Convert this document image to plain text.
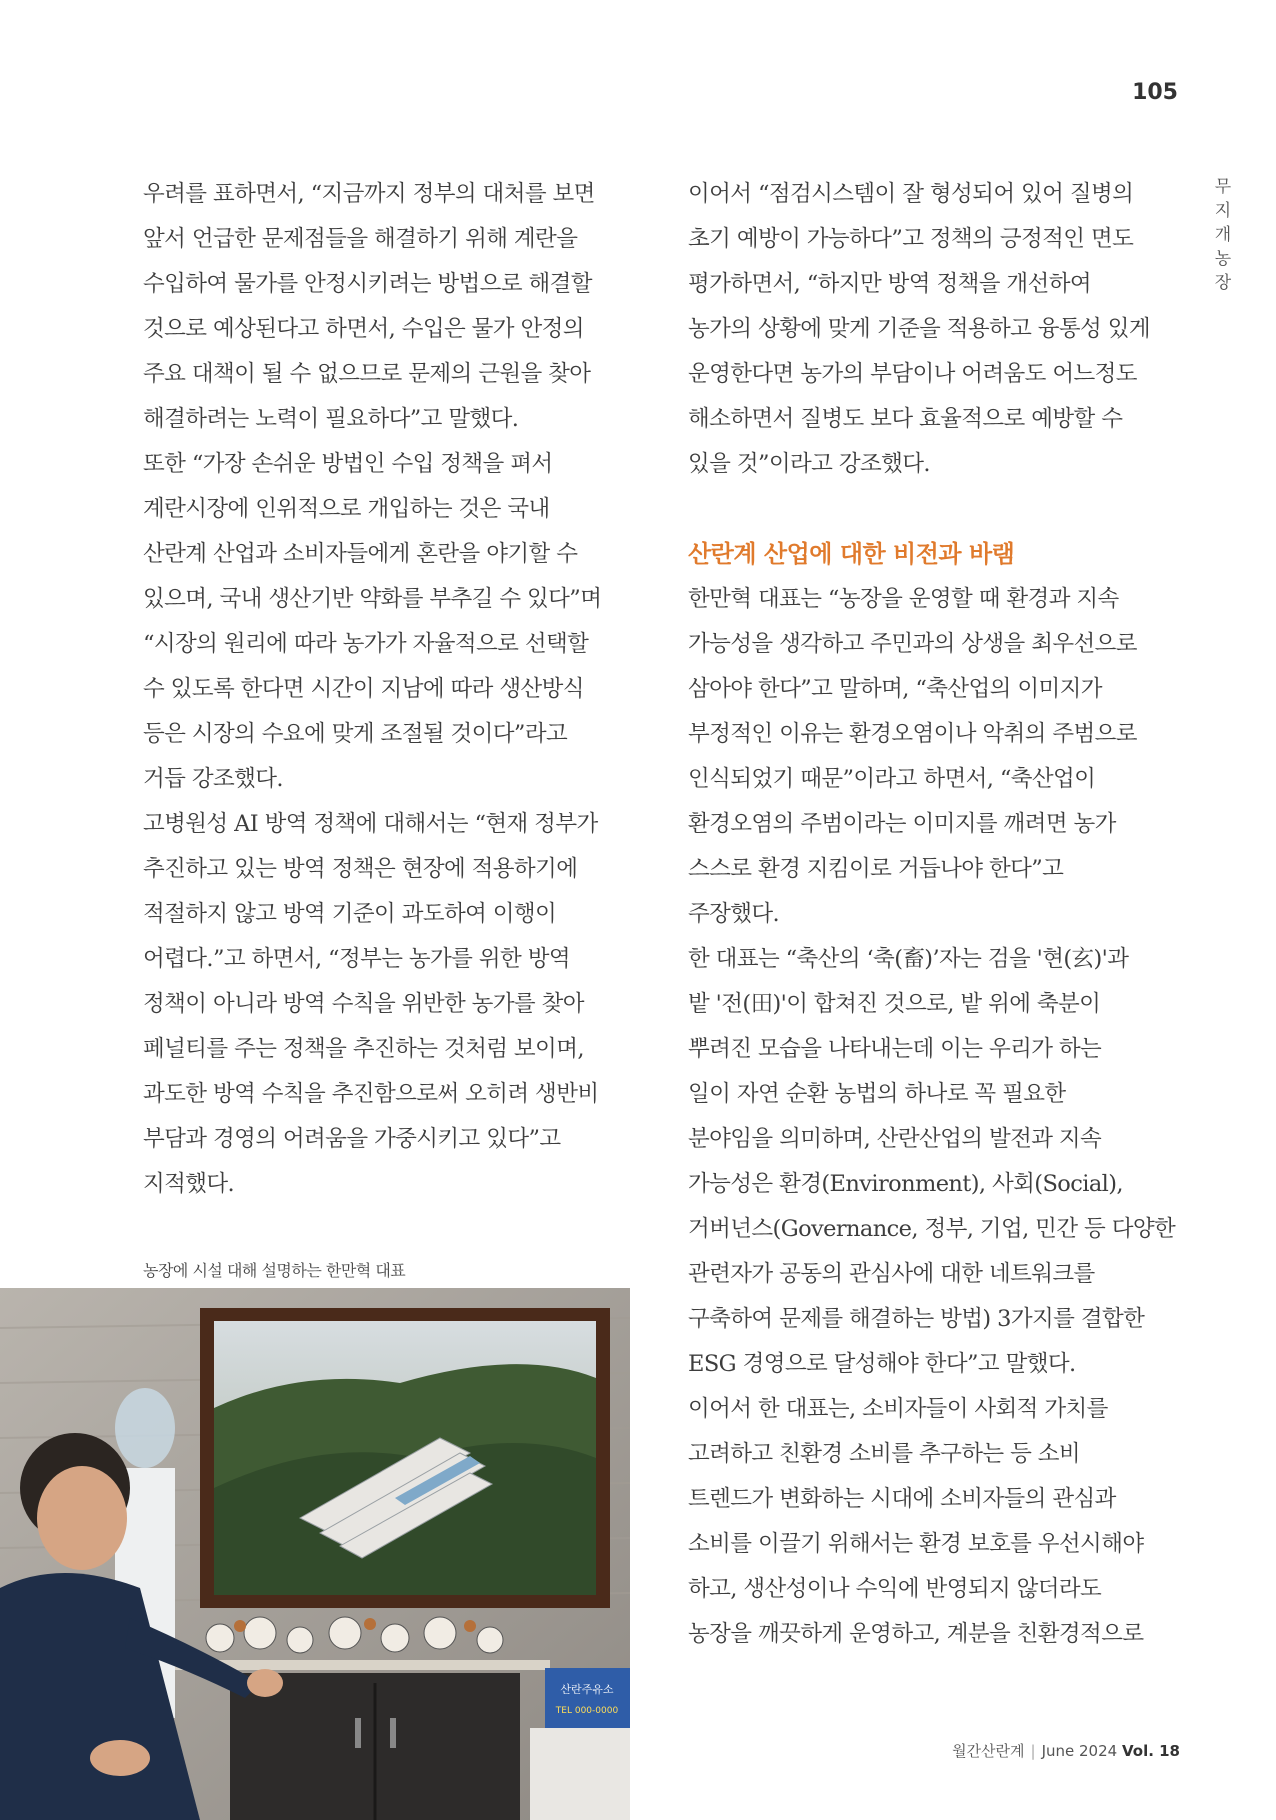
105
무
지
개
농
장
우려를 표하면서, “지금까지 정부의 대처를 보면
앞서 언급한 문제점들을 해결하기 위해 계란을
수입하여 물가를 안정시키려는 방법으로 해결할
것으로 예상된다고 하면서, 수입은 물가 안정의
주요 대책이 될 수 없으므로 문제의 근원을 찾아
해결하려는 노력이 필요하다”고 말했다.
또한 “가장 손쉬운 방법인 수입 정책을 펴서
계란시장에 인위적으로 개입하는 것은 국내
산란계 산업과 소비자들에게 혼란을 야기할 수
있으며, 국내 생산기반 약화를 부추길 수 있다”며
“시장의 원리에 따라 농가가 자율적으로 선택할
수 있도록 한다면 시간이 지남에 따라 생산방식
등은 시장의 수요에 맞게 조절될 것이다”라고
거듭 강조했다.
고병원성 AI 방역 정책에 대해서는 “현재 정부가
추진하고 있는 방역 정책은 현장에 적용하기에
적절하지 않고 방역 기준이 과도하여 이행이
어렵다.”고 하면서, “정부는 농가를 위한 방역
정책이 아니라 방역 수칙을 위반한 농가를 찾아
페널티를 주는 정책을 추진하는 것처럼 보이며,
과도한 방역 수칙을 추진함으로써 오히려 생반비
부담과 경영의 어려움을 가중시키고 있다”고
지적했다.
농장에 시설 대해 설명하는 한만혁 대표
산란주유소
TEL 000-0000
이어서 “점검시스템이 잘 형성되어 있어 질병의
초기 예방이 가능하다”고 정책의 긍정적인 면도
평가하면서, “하지만 방역 정책을 개선하여
농가의 상황에 맞게 기준을 적용하고 융통성 있게
운영한다면 농가의 부담이나 어려움도 어느정도
해소하면서 질병도 보다 효율적으로 예방할 수
있을 것”이라고 강조했다.

산란계 산업에 대한 비전과 바램
한만혁 대표는 “농장을 운영할 때 환경과 지속
가능성을 생각하고 주민과의 상생을 최우선으로
삼아야 한다”고 말하며, “축산업의 이미지가
부정적인 이유는 환경오염이나 악취의 주범으로
인식되었기 때문”이라고 하면서, “축산업이
환경오염의 주범이라는 이미지를 깨려면 농가
스스로 환경 지킴이로 거듭나야 한다”고
주장했다.
한 대표는 “축산의 ‘축(畜)’자는 검을 '현(玄)'과
밭 '전(田)'이 합쳐진 것으로, 밭 위에 축분이
뿌려진 모습을 나타내는데 이는 우리가 하는
일이 자연 순환 농법의 하나로 꼭 필요한
분야임을 의미하며, 산란산업의 발전과 지속
가능성은 환경(Environment), 사회(Social),
거버넌스(Governance, 정부, 기업, 민간 등 다양한
관련자가 공동의 관심사에 대한 네트워크를
구축하여 문제를 해결하는 방법) 3가지를 결합한
ESG 경영으로 달성해야 한다”고 말했다.
이어서 한 대표는, 소비자들이 사회적 가치를
고려하고 친환경 소비를 추구하는 등 소비
트렌드가 변화하는 시대에 소비자들의 관심과
소비를 이끌기 위해서는 환경 보호를 우선시해야
하고, 생산성이나 수익에 반영되지 않더라도
농장을 깨끗하게 운영하고, 계분을 친환경적으로
월간산란계 | June 2024 Vol. 18
